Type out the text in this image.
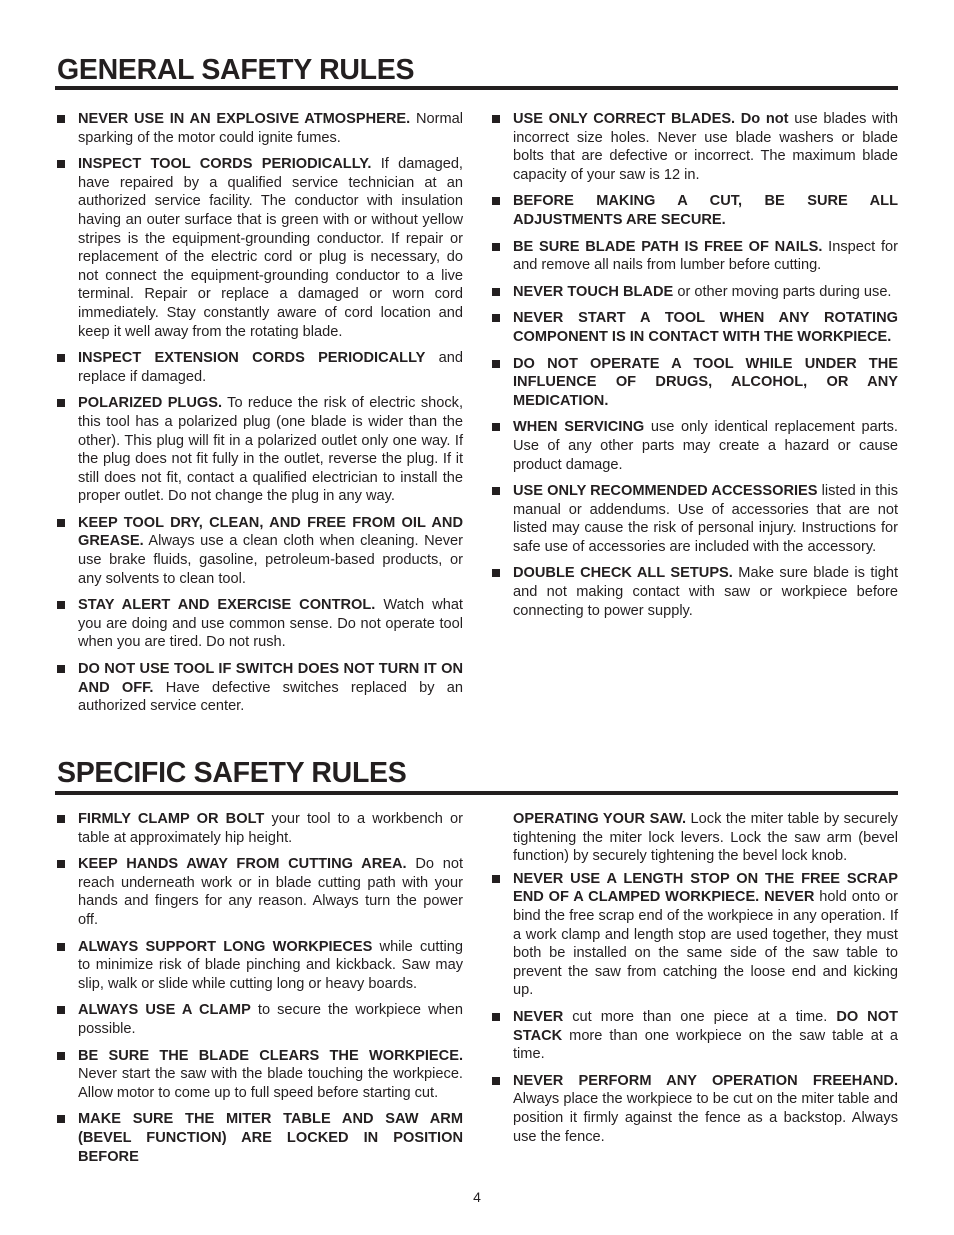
GENERAL SAFETY RULES
NEVER USE IN AN EXPLOSIVE ATMOSPHERE. Normal sparking of the motor could ignite fumes.
INSPECT TOOL CORDS PERIODICALLY. If damaged, have repaired by a qualified service technician at an authorized service facility. The conductor with insulation having an outer surface that is green with or without yellow stripes is the equipment-grounding conductor. If repair or replacement of the electric cord or plug is necessary, do not connect the equipment-grounding conductor to a live terminal. Repair or replace a damaged or worn cord immediately. Stay constantly aware of cord location and keep it well away from the rotating blade.
INSPECT EXTENSION CORDS PERIODICALLY and replace if damaged.
POLARIZED PLUGS. To reduce the risk of electric shock, this tool has a polarized plug (one blade is wider than the other). This plug will fit in a polarized outlet only one way. If the plug does not fit fully in the outlet, reverse the plug. If it still does not fit, contact a qualified electrician to install the proper outlet. Do not change the plug in any way.
KEEP TOOL DRY, CLEAN, AND FREE FROM OIL AND GREASE. Always use a clean cloth when cleaning. Never use brake fluids, gasoline, petroleum-based products, or any solvents to clean tool.
STAY ALERT AND EXERCISE CONTROL. Watch what you are doing and use common sense. Do not operate tool when you are tired. Do not rush.
DO NOT USE TOOL IF SWITCH DOES NOT TURN IT ON AND OFF. Have defective switches replaced by an authorized service center.
USE ONLY CORRECT BLADES. Do not use blades with incorrect size holes. Never use blade washers or blade bolts that are defective or incorrect. The maximum blade capacity of your saw is 12 in.
BEFORE MAKING A CUT, BE SURE ALL ADJUSTMENTS ARE SECURE.
BE SURE BLADE PATH IS FREE OF NAILS. Inspect for and remove all nails from lumber before cutting.
NEVER TOUCH BLADE or other moving parts during use.
NEVER START A TOOL WHEN ANY ROTATING COMPONENT IS IN CONTACT WITH THE WORKPIECE.
DO NOT OPERATE A TOOL WHILE UNDER THE INFLUENCE OF DRUGS, ALCOHOL, OR ANY MEDICATION.
WHEN SERVICING use only identical replacement parts. Use of any other parts may create a hazard or cause product damage.
USE ONLY RECOMMENDED ACCESSORIES listed in this manual or addendums. Use of accessories that are not listed may cause the risk of personal injury. Instructions for safe use of accessories are included with the accessory.
DOUBLE CHECK ALL SETUPS. Make sure blade is tight and not making contact with saw or workpiece before connecting to power supply.
SPECIFIC SAFETY RULES
FIRMLY CLAMP OR BOLT your tool to a workbench or table at approximately hip height.
KEEP HANDS AWAY FROM CUTTING AREA. Do not reach underneath work or in blade cutting path with your hands and fingers for any reason. Always turn the power off.
ALWAYS SUPPORT LONG WORKPIECES while cutting to minimize risk of blade pinching and kickback. Saw may slip, walk or slide while cutting long or heavy boards.
ALWAYS USE A CLAMP to secure the workpiece when possible.
BE SURE THE BLADE CLEARS THE WORKPIECE. Never start the saw with the blade touching the workpiece. Allow motor to come up to full speed before starting cut.
MAKE SURE THE MITER TABLE AND SAW ARM (BEVEL FUNCTION) ARE LOCKED IN POSITION BEFORE
OPERATING YOUR SAW. Lock the miter table by securely tightening the miter lock levers. Lock the saw arm (bevel function) by securely tightening the bevel lock knob.
NEVER USE A LENGTH STOP ON THE FREE SCRAP END OF A CLAMPED WORKPIECE. NEVER hold onto or bind the free scrap end of the workpiece in any operation. If a work clamp and length stop are used together, they must both be installed on the same side of the saw table to prevent the saw from catching the loose end and kicking up.
NEVER cut more than one piece at a time. DO NOT STACK more than one workpiece on the saw table at a time.
NEVER PERFORM ANY OPERATION FREEHAND. Always place the workpiece to be cut on the miter table and position it firmly against the fence as a backstop. Always use the fence.
4
